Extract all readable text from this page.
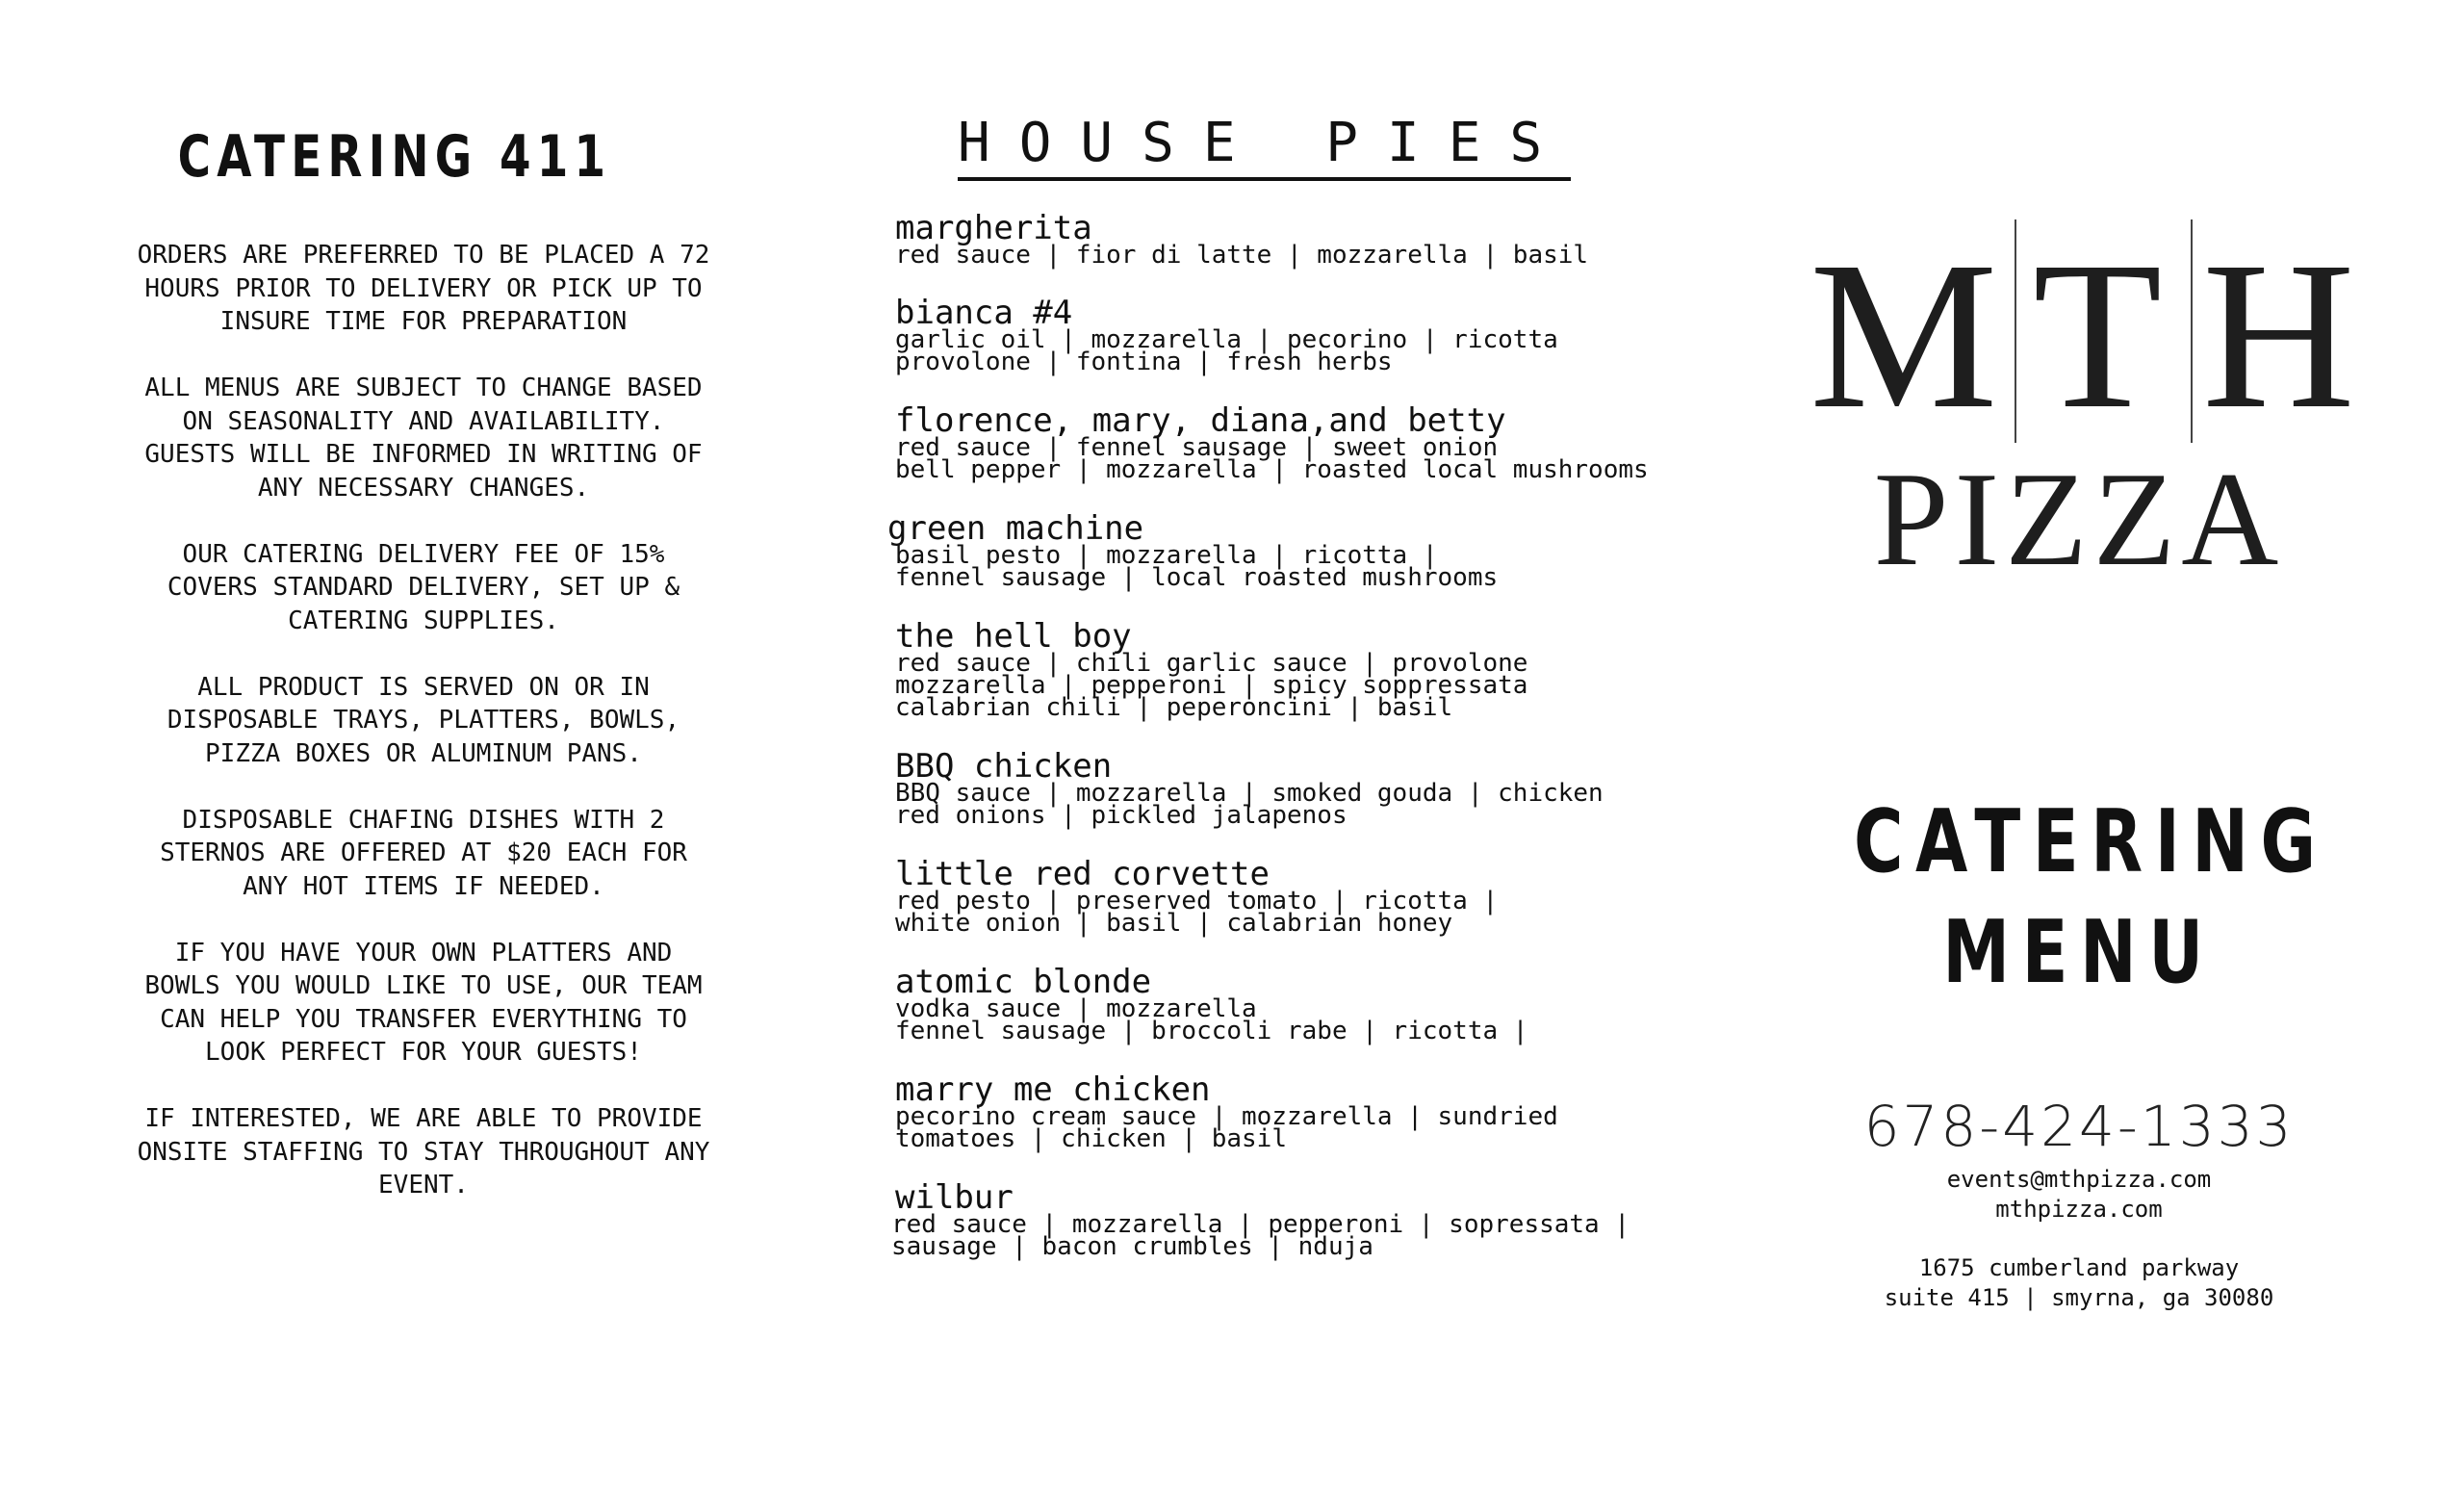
CATERING 411
ORDERS ARE PREFERRED TO BE PLACED A 72
HOURS PRIOR TO DELIVERY OR PICK UP TO
INSURE TIME FOR PREPARATION
ALL MENUS ARE SUBJECT TO CHANGE BASED
ON SEASONALITY AND AVAILABILITY.
GUESTS WILL BE INFORMED IN WRITING OF
ANY NECESSARY CHANGES.
OUR CATERING DELIVERY FEE OF 15%
COVERS STANDARD DELIVERY, SET UP &
CATERING SUPPLIES.
ALL PRODUCT IS SERVED ON OR IN
DISPOSABLE TRAYS, PLATTERS, BOWLS,
PIZZA BOXES OR ALUMINUM PANS.
DISPOSABLE CHAFING DISHES WITH 2
STERNOS ARE OFFERED AT $20 EACH FOR
ANY HOT ITEMS IF NEEDED.
IF YOU HAVE YOUR OWN PLATTERS AND
BOWLS YOU WOULD LIKE TO USE, OUR TEAM
CAN HELP YOU TRANSFER EVERYTHING TO
LOOK PERFECT FOR YOUR GUESTS!
IF INTERESTED, WE ARE ABLE TO PROVIDE
ONSITE STAFFING TO STAY THROUGHOUT ANY
EVENT.
HOUSE PIES
margherita
red sauce | fior di latte | mozzarella | basil
bianca #4
garlic oil | mozzarella | pecorino | ricotta
provolone | fontina | fresh herbs
florence, mary, diana,and betty
red sauce | fennel sausage | sweet onion
bell pepper | mozzarella | roasted local mushrooms
green machine
basil pesto | mozzarella | ricotta |
fennel sausage | local roasted mushrooms
the hell boy
red sauce | chili garlic sauce | provolone
mozzarella | pepperoni | spicy soppressata
calabrian chili | peperoncini | basil
BBQ chicken
BBQ sauce | mozzarella | smoked gouda | chicken
red onions | pickled jalapenos
little red corvette
red pesto | preserved tomato | ricotta |
white onion | basil | calabrian honey
atomic blonde
vodka sauce | mozzarella
fennel sausage | broccoli rabe | ricotta |
marry me chicken
pecorino cream sauce | mozzarella | sundried
tomatoes | chicken | basil
wilbur
red sauce | mozzarella | pepperoni | sopressata |
sausage | bacon crumbles | nduja
M T H
PIZZA
CATERING
MENU
678-424-1333
events@mthpizza.com
mthpizza.com
1675 cumberland parkway
suite 415 | smyrna, ga 30080
